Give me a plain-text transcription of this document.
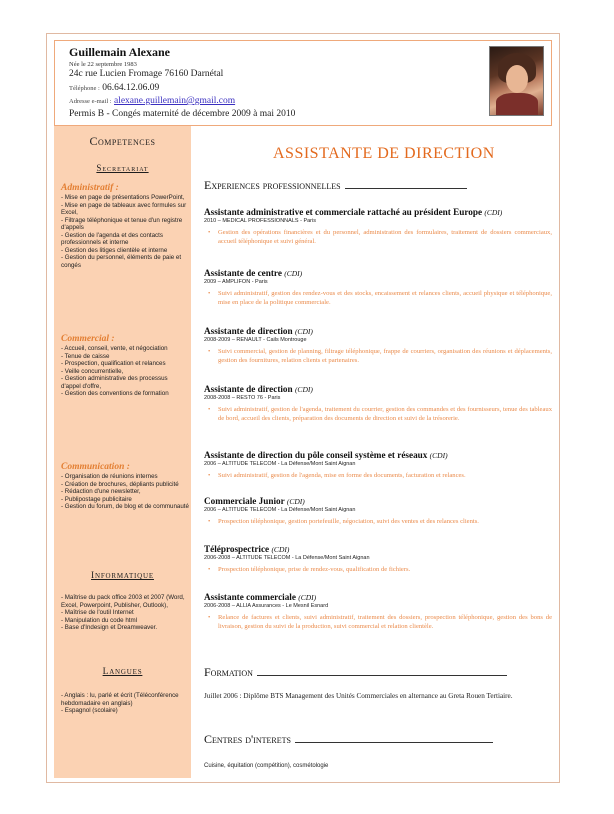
Guillemain Alexane
Née le 22 septembre 1983
24c rue Lucien Fromage 76160 Darnétal
Téléphone : 06.64.12.06.09
Adresse e-mail : alexane.guillemain@gmail.com
Permis B - Congés maternité de décembre 2009 à mai 2010
Competences
Secretariat
Administratif :
- Mise en page de présentations PowerPoint,
- Mise en page de tableaux avec formules sur Excel,
- Filtrage téléphonique et tenue d'un registre d'appels
- Gestion de l'agenda et des contacts professionnels et interne
- Gestion des litiges clientèle et interne
- Gestion du personnel, éléments de paie et congés
Commercial :
- Accueil, conseil, vente, et négociation
- Tenue de caisse
- Prospection, qualification et relances
- Veille concurrentielle,
- Gestion administrative des processus d'appel d'offre,
- Gestion des conventions de formation
Communication :
- Organisation de réunions internes
- Création de brochures, dépliants publicité
- Rédaction d'une newsletter,
- Publipostage publicitaire
- Gestion du forum, de blog et de communauté
Informatique
- Maîtrise du pack office 2003 et 2007 (Word, Excel, Powerpoint, Publisher, Outlook),
- Maîtrise de l'outil Internet
- Manipulation du code html
- Base d'Indesign et Dreamweaver.
Langues
- Anglais : lu, parlé et écrit (Téléconférence hebdomadaire en anglais)
- Espagnol (scolaire)
ASSISTANTE DE DIRECTION
Experiences professionnelles
Assistante administrative et commerciale rattaché au président Europe (CDI)
2010 – MEDICAL PROFESSIONNALS - Paris
• Gestion des opérations financières et du personnel, administration des formulaires, traitement de dossiers commerciaux, accueil téléphonique et suivi général.
Assistante de centre (CDI)
2009 – AMPLIFON - Paris
• Suivi administratif, gestion des rendez-vous et des stocks, encaissement et relances clients, accueil physique et téléphonique, mise en place de la politique commerciale.
Assistante de direction (CDI)
2008-2009 – RENAULT - Cails Montrouge
• Suivi commercial, gestion de planning, filtrage téléphonique, frappe de courriers, organisation des réunions et déplacements, gestion des fournitures, relation clients et partenaires.
Assistante de direction (CDI)
2008-2008 – RESTO 76 - Paris
• Suivi administratif, gestion de l'agenda, traitement du courrier, gestion des commandes et des fournisseurs, tenue des tableaux de bord, accueil des clients, préparation des documents de direction et suivi de la trésorerie.
Assistante de direction du pôle conseil système et réseaux (CDI)
2006 – ALTITUDE TELECOM - La Défense/Mont Saint Aignan
• Suivi administratif, gestion de l'agenda, mise en forme des documents, facturation et relances.
Commerciale Junior (CDI)
2006 – ALTITUDE TELECOM - La Défense/Mont Saint Aignan
• Prospection téléphonique, gestion portefeuille, négociation, suivi des ventes et des relances clients.
Téléprospectrice (CDI)
2006-2008 – ALTITUDE TELECOM - La Défense/Mont Saint Aignan
• Prospection téléphonique, prise de rendez-vous, qualification de fichiers.
Assistante commerciale (CDI)
2006-2008 – ALLIA Assurances - Le Mesnil Esnard
• Relance de factures et clients, suivi administratif, traitement des dossiers, prospection téléphonique, gestion des bons de livraison, gestion du suivi de la production, suivi commercial et relation clientèle.
Formation
Juillet 2006 : Diplôme BTS Management des Unités Commerciales en alternance au Greta Rouen Tertiaire.
Centres d'interets
Cuisine, équitation (compétition), cosmétologie
